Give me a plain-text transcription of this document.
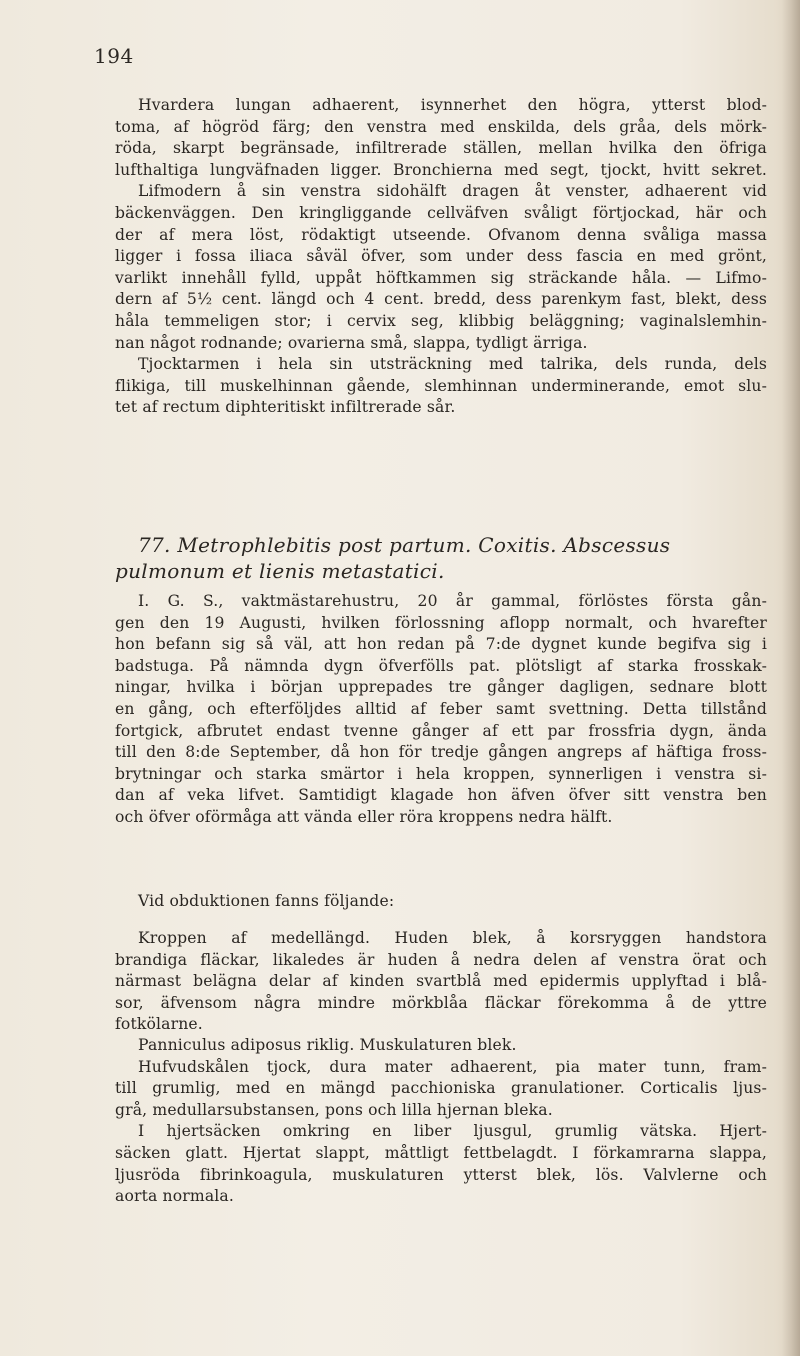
194
Hvardera lungan adhaerent, isynnerhet den högra, ytterst blod-
toma, af högröd färg; den venstra med enskilda, dels gråa, dels mörk-
röda, skarpt begränsade, infiltrerade ställen, mellan hvilka den öfriga
lufthaltiga lungväfnaden ligger. Bronchierna med segt, tjockt, hvitt sekret.
Lifmodern å sin venstra sidohälft dragen åt venster, adhaerent vid
bäckenväggen. Den kringliggande cellväfven svåligt förtjockad, här och
der af mera löst, rödaktigt utseende. Ofvanom denna svåliga massa
ligger i fossa iliaca såväl öfver, som under dess fascia en med grönt,
varlikt innehåll fylld, uppåt höftkammen sig sträckande håla. — Lifmo-
dern af 5½ cent. längd och 4 cent. bredd, dess parenkym fast, blekt, dess
håla temmeligen stor; i cervix seg, klibbig beläggning; vaginalslemhin-
nan något rodnande; ovarierna små, slappa, tydligt ärriga.
Tjocktarmen i hela sin utsträckning med talrika, dels runda, dels
flikiga, till muskelhinnan gående, slemhinnan underminerande, emot slu-
tet af rectum diphteritiskt infiltrerade sår.
77. Metrophlebitis post partum. Coxitis. Abscessus
pulmonum et lienis metastatici.
I. G. S., vaktmästarehustru, 20 år gammal, förlöstes första gån-
gen den 19 Augusti, hvilken förlossning aflopp normalt, och hvarefter
hon befann sig så väl, att hon redan på 7:de dygnet kunde begifva sig i
badstuga. På nämnda dygn öfverfölls pat. plötsligt af starka frosskak-
ningar, hvilka i början upprepades tre gånger dagligen, sednare blott
en gång, och efterföljdes alltid af feber samt svettning. Detta tillstånd
fortgick, afbrutet endast tvenne gånger af ett par frossfria dygn, ända
till den 8:de September, då hon för tredje gången angreps af häftiga fross-
brytningar och starka smärtor i hela kroppen, synnerligen i venstra si-
dan af veka lifvet. Samtidigt klagade hon äfven öfver sitt venstra ben
och öfver oförmåga att vända eller röra kroppens nedra hälft.
Vid obduktionen fanns följande:
Kroppen af medellängd. Huden blek, å korsryggen handstora
brandiga fläckar, likaledes är huden å nedra delen af venstra örat och
närmast belägna delar af kinden svartblå med epidermis upplyftad i blå-
sor, äfvensom några mindre mörkblåa fläckar förekomma å de yttre
fotkölarne.
Panniculus adiposus riklig. Muskulaturen blek.
Hufvudskålen tjock, dura mater adhaerent, pia mater tunn, fram-
till grumlig, med en mängd pacchioniska granulationer. Corticalis ljus-
grå, medullarsubstansen, pons och lilla hjernan bleka.
I hjertsäcken omkring en liber ljusgul, grumlig vätska. Hjert-
säcken glatt. Hjertat slappt, måttligt fettbelagdt. I förkamrarna slappa,
ljusröda fibrinkoagula, muskulaturen ytterst blek, lös. Valvlerne och
aorta normala.
